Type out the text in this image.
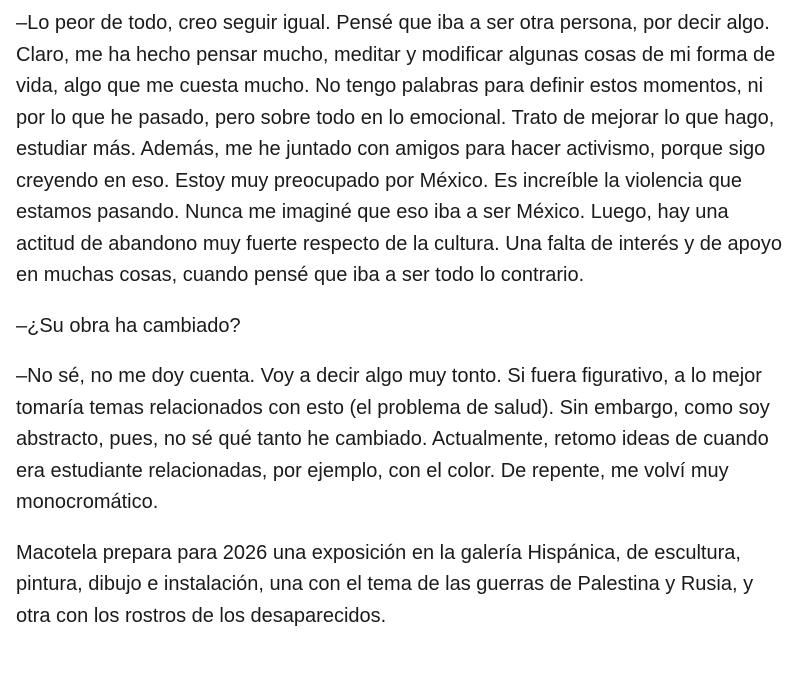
–Lo peor de todo, creo seguir igual. Pensé que iba a ser otra persona, por decir algo. Claro, me ha hecho pensar mucho, meditar y modificar algunas cosas de mi forma de vida, algo que me cuesta mucho. No tengo palabras para definir estos momentos, ni por lo que he pasado, pero sobre todo en lo emocional. Trato de mejorar lo que hago, estudiar más. Además, me he juntado con amigos para hacer activismo, porque sigo creyendo en eso. Estoy muy preocupado por México. Es increíble la violencia que estamos pasando. Nunca me imaginé que eso iba a ser México. Luego, hay una actitud de abandono muy fuerte respecto de la cultura. Una falta de interés y de apoyo en muchas cosas, cuando pensé que iba a ser todo lo contrario.

–¿Su obra ha cambiado?

–No sé, no me doy cuenta. Voy a decir algo muy tonto. Si fuera figurativo, a lo mejor tomaría temas relacionados con esto (el problema de salud). Sin embargo, como soy abstracto, pues, no sé qué tanto he cambiado. Actualmente, retomo ideas de cuando era estudiante relacionadas, por ejemplo, con el color. De repente, me volví muy monocromático.

Macotela prepara para 2026 una exposición en la galería Hispánica, de escultura, pintura, dibujo e instalación, una con el tema de las guerras de Palestina y Rusia, y otra con los rostros de los desaparecidos.
